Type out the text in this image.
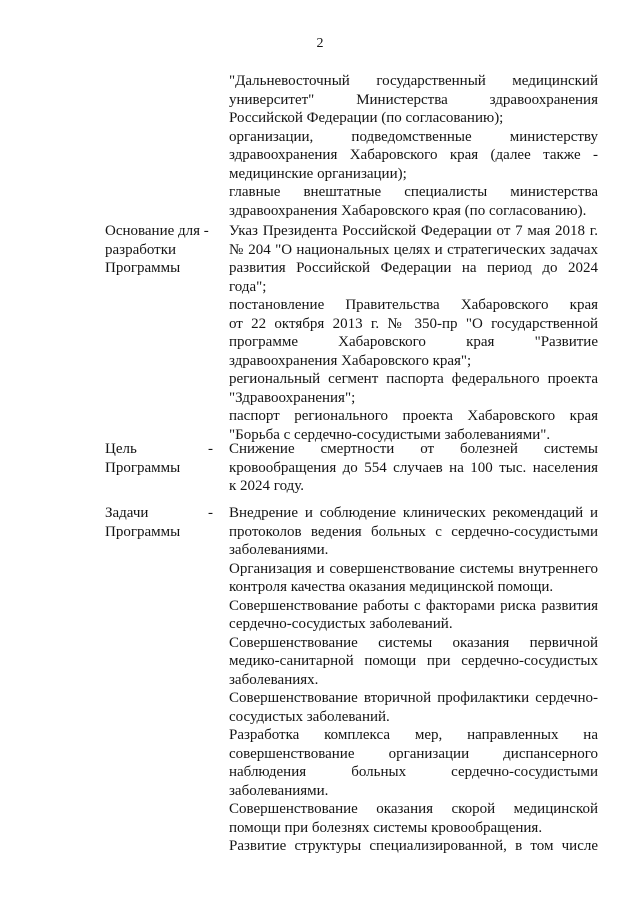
2
"Дальневосточный государственный медицинский
университет" Министерства здравоохранения
Российской Федерации (по согласованию);
организации, подведомственные министерству
здравоохранения Хабаровского края (далее также -
медицинские организации);
главные внештатные специалисты министерства
здравоохранения Хабаровского края (по согласованию).
Основание для -
разработки
Программы
Указ Президента Российской Федерации от 7 мая 2018 г.
№ 204 "О национальных целях и стратегических задачах
развития Российской Федерации на период до 2024
года";
постановление Правительства Хабаровского края
от 22 октября 2013 г. № 350-пр "О государственной
программе Хабаровского края "Развитие
здравоохранения Хабаровского края";
региональный сегмент паспорта федерального проекта
"Здравоохранения";
паспорт регионального проекта Хабаровского края
"Борьба с сердечно-сосудистыми заболеваниями".
Цель
Программы
- Снижение смертности от болезней системы
кровообращения до 554 случаев на 100 тыс. населения
к 2024 году.
Задачи
Программы
- Внедрение и соблюдение клинических рекомендаций и
протоколов ведения больных с сердечно-сосудистыми
заболеваниями.
Организация и совершенствование системы внутреннего
контроля качества оказания медицинской помощи.
Совершенствование работы с факторами риска развития
сердечно-сосудистых заболеваний.
Совершенствование системы оказания первичной
медико-санитарной помощи при сердечно-сосудистых
заболеваниях.
Совершенствование вторичной профилактики сердечно-
сосудистых заболеваний.
Разработка комплекса мер, направленных на
совершенствование организации диспансерного
наблюдения больных сердечно-сосудистыми
заболеваниями.
Совершенствование оказания скорой медицинской
помощи при болезнях системы кровообращения.
Развитие структуры специализированной, в том числе
